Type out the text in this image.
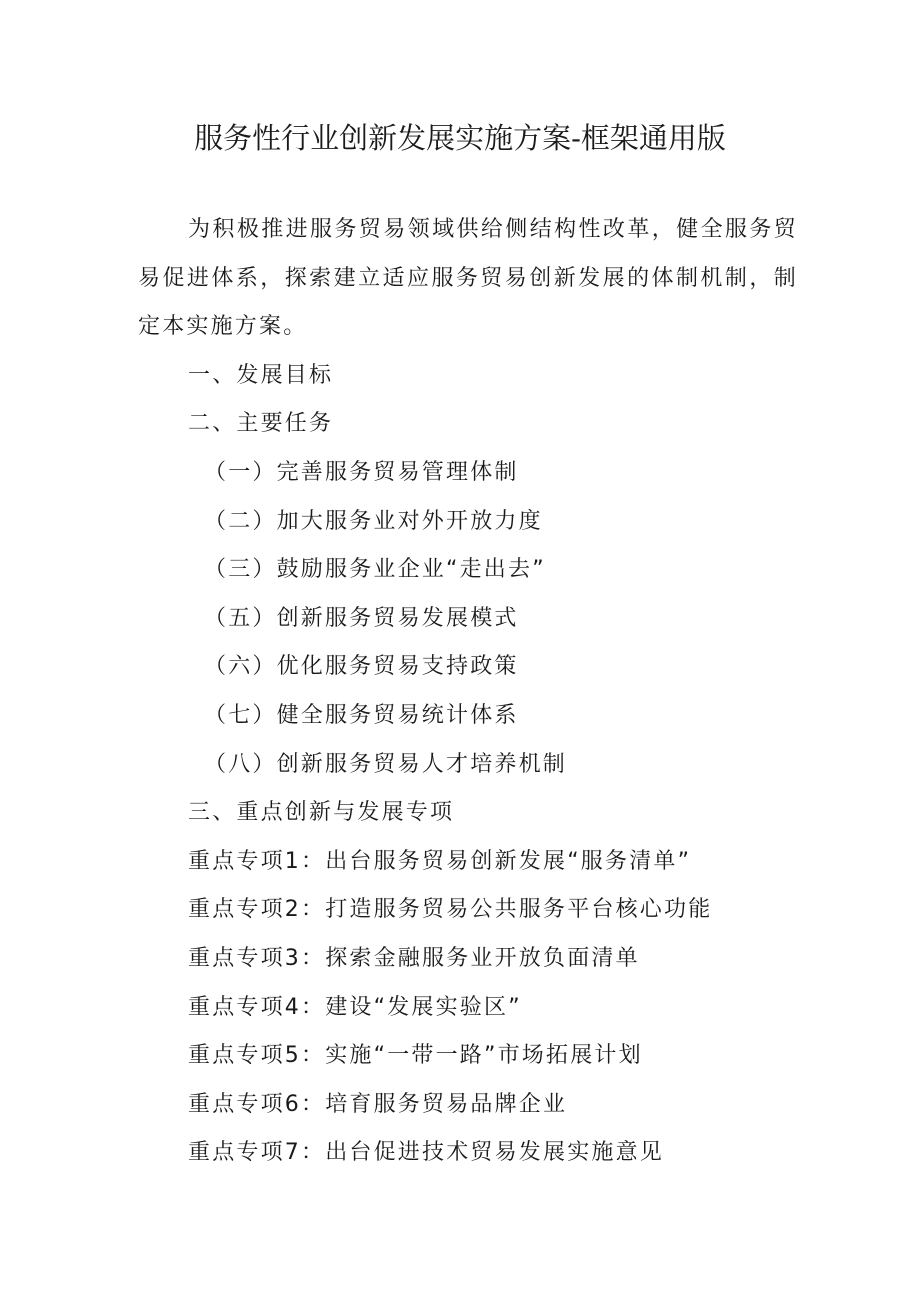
服务性行业创新发展实施方案-框架通用版

为积极推进服务贸易领域供给侧结构性改革，健全服务贸易促进体系，探索建立适应服务贸易创新发展的体制机制，制定本实施方案。

一、发展目标

二、主要任务

（一）完善服务贸易管理体制

（二）加大服务业对外开放力度

（三）鼓励服务业企业“走出去”

（五）创新服务贸易发展模式

（六）优化服务贸易支持政策

（七）健全服务贸易统计体系

（八）创新服务贸易人才培养机制

三、重点创新与发展专项

重点专项1：出台服务贸易创新发展“服务清单”

重点专项2：打造服务贸易公共服务平台核心功能

重点专项3：探索金融服务业开放负面清单

重点专项4：建设“发展实验区”

重点专项5：实施“一带一路”市场拓展计划

重点专项6：培育服务贸易品牌企业

重点专项7：出台促进技术贸易发展实施意见
